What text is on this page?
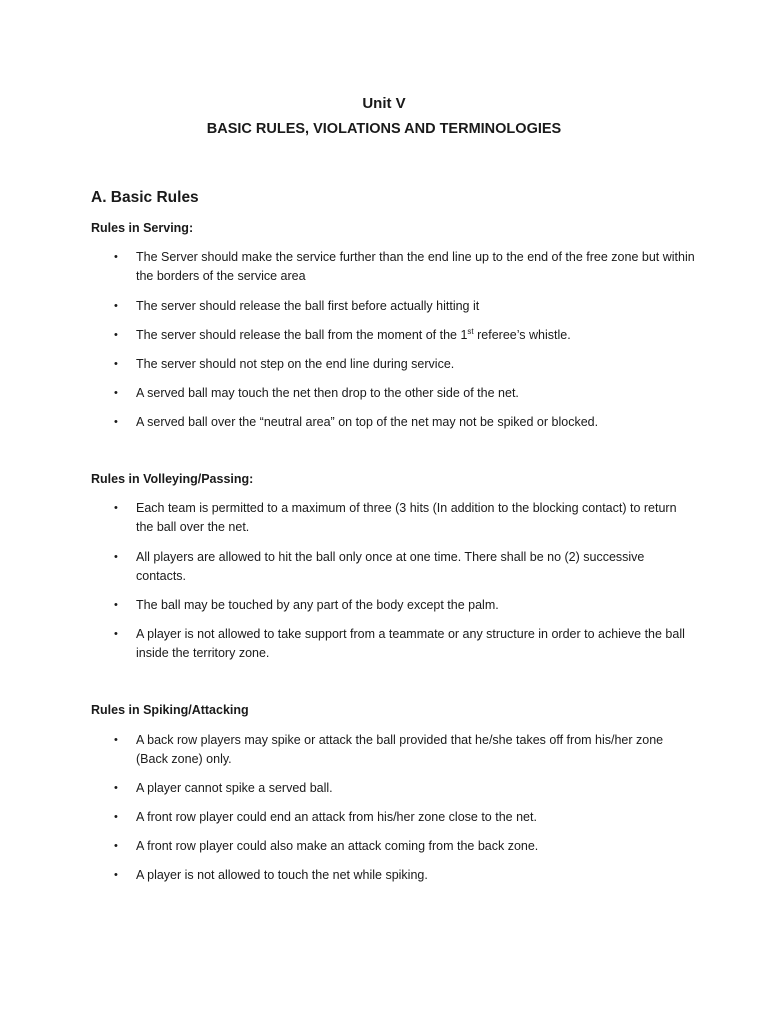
Unit V
BASIC RULES, VIOLATIONS AND TERMINOLOGIES
A. Basic Rules
Rules in Serving:
• The Server should make the service further than the end line up to the end of the free zone but within the borders of the service area
• The server should release the ball first before actually hitting it
• The server should release the ball from the moment of the 1st referee’s whistle.
• The server should not step on the end line during service.
• A served ball may touch the net then drop to the other side of the net.
• A served ball over the “neutral area” on top of the net may not be spiked or blocked.
Rules in Volleying/Passing:
• Each team is permitted to a maximum of three (3 hits (In addition to the blocking contact) to return the ball over the net.
• All players are allowed to hit the ball only once at one time. There shall be no (2) successive contacts.
• The ball may be touched by any part of the body except the palm.
• A player is not allowed to take support from a teammate or any structure in order to achieve the ball inside the territory zone.
Rules in Spiking/Attacking
• A back row players may spike or attack the ball provided that he/she takes off from his/her zone (Back zone) only.
• A player cannot spike a served ball.
• A front row player could end an attack from his/her zone close to the net.
• A front row player could also make an attack coming from the back zone.
• A player is not allowed to touch the net while spiking.
